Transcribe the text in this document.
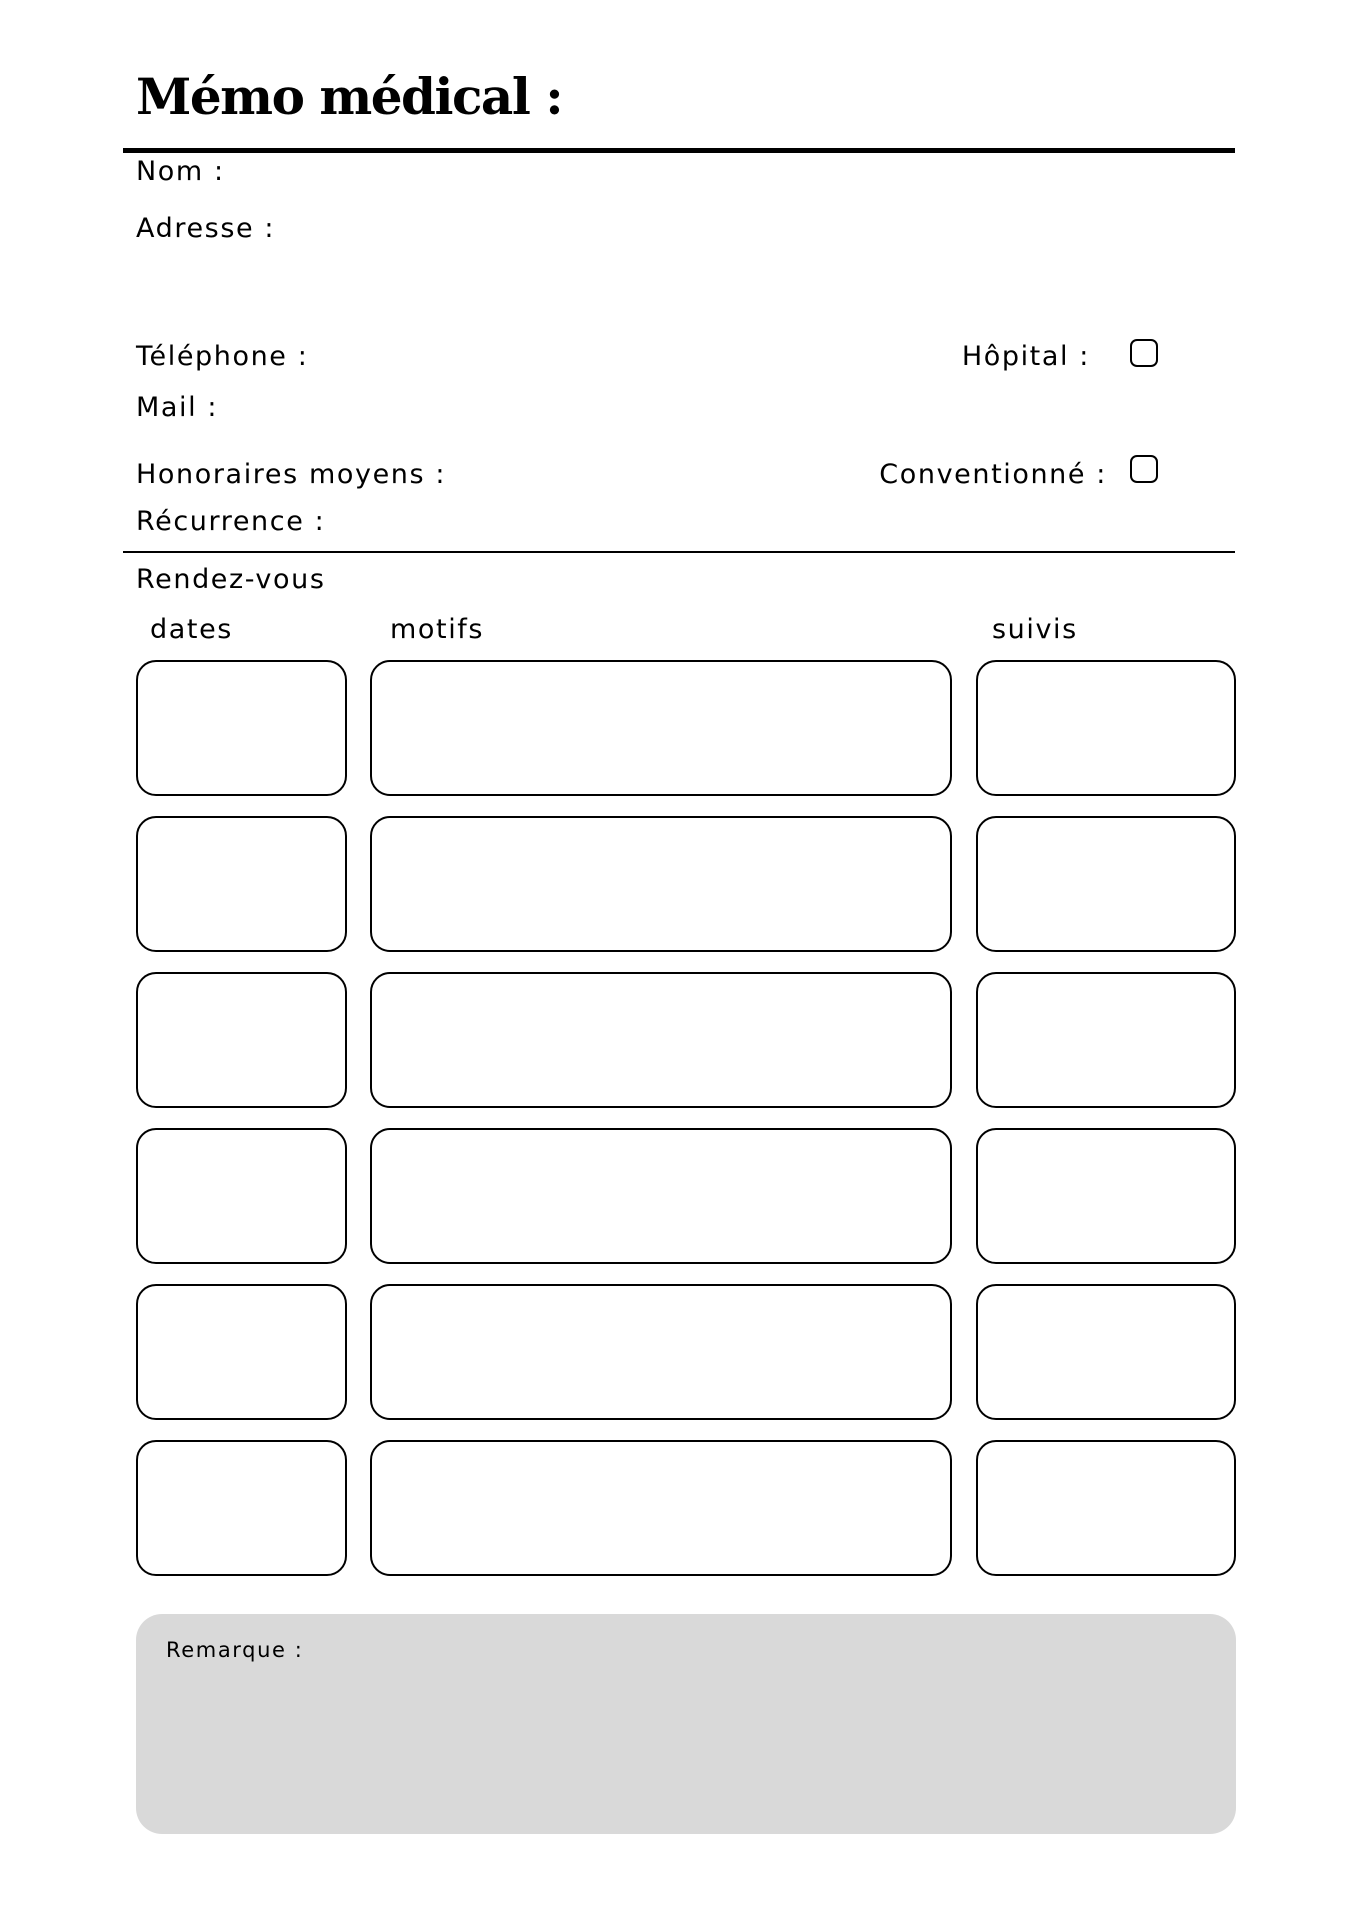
Mémo médical :
Nom :
Adresse :
Téléphone :
Mail :
Honoraires moyens :
Récurrence :
Hôpital :
Conventionné :
Rendez-vous
dates	motifs	suivis
Remarque :
